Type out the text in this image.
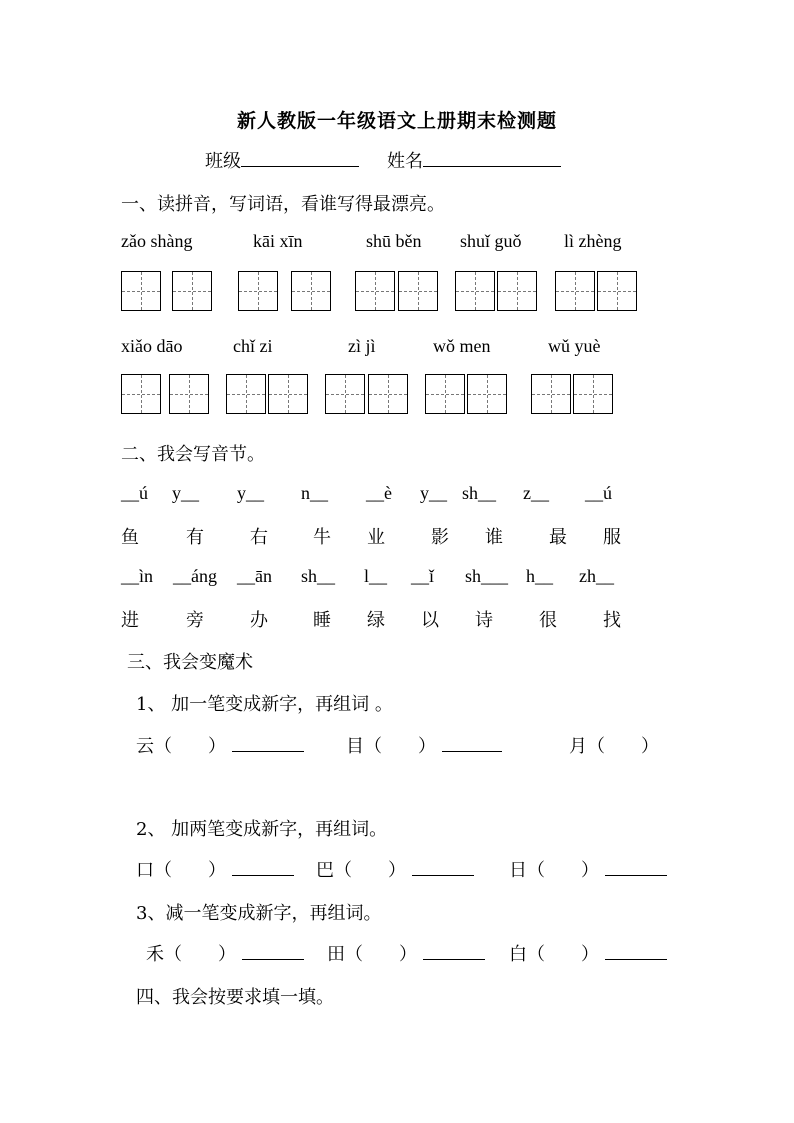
新人教版一年级语文上册期末检测题
班级	姓名
一、读拼音，写词语，看谁写得最漂亮。
zǎo shàng	kāi xīn	shū běn shuǐ guǒ lì zhèng
xiǎo dāo	chǐ zi	zì jì	wǒ men	wǔ yuè
二、我会写音节。
__ú y__ y__ n__ __è y__ sh__ z__ __ú
鱼	有	右	牛 业	影 谁	最 服
__ìn __áng __ān sh__ l__ __ǐ sh___ h__ zh__
进	旁	办	睡 绿 以 诗	很	找
三、我会变魔术
1、 加一笔变成新字，再组词 。
云（　　）	目（　　）	月（　　）
2、 加两笔变成新字，再组词。
口（　　）	巴（　　）	日（　　）
3、减一笔变成新字，再组词。
禾（　　）	田（　　）	白（　　）
四、我会按要求填一填。
